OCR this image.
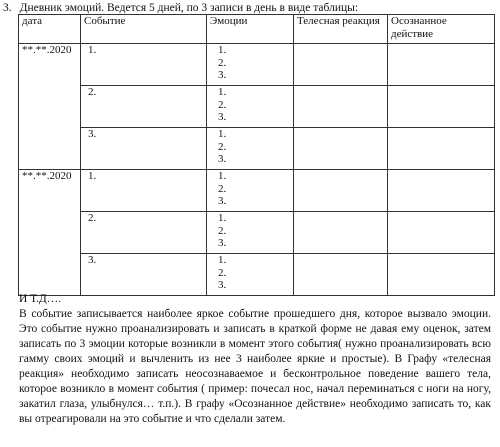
3. Дневник эмоций. Ведется 5 дней, по 3 записи в день в виде таблицы:
дата	Событие	Эмоции	Телесная реакция	Осознанное действие
**.**.2020	1.	1.
2.
3.		

	2.	1.
2.
3.		

	3.	1.
2.
3.		

**.**.2020	1.	1.
2.
3.		

	2.	1.
2.
3.		

	3.	1.
2.
3.		

И Т.Д….
В событие записывается наиболее яркое событие прошедшего дня, которое вызвало эмоции. Это событие нужно проанализировать и записать в краткой форме не давая ему оценок, затем записать по 3 эмоции которые возникли в момент этого события( нужно проанализировать всю гамму своих эмоций и вычленить из нее 3 наиболее яркие и простые). В Графу «телесная реакция» необходимо записать неосознаваемое и бесконтрольное поведение вашего тела, которое возникло в момент события ( пример: почесал нос, начал переминаться с ноги на ногу, закатил глаза, улыбнулся… т.п.). В графу «Осознанное действие» необходимо записать то, как вы отреагировали на это событие и что сделали затем.
